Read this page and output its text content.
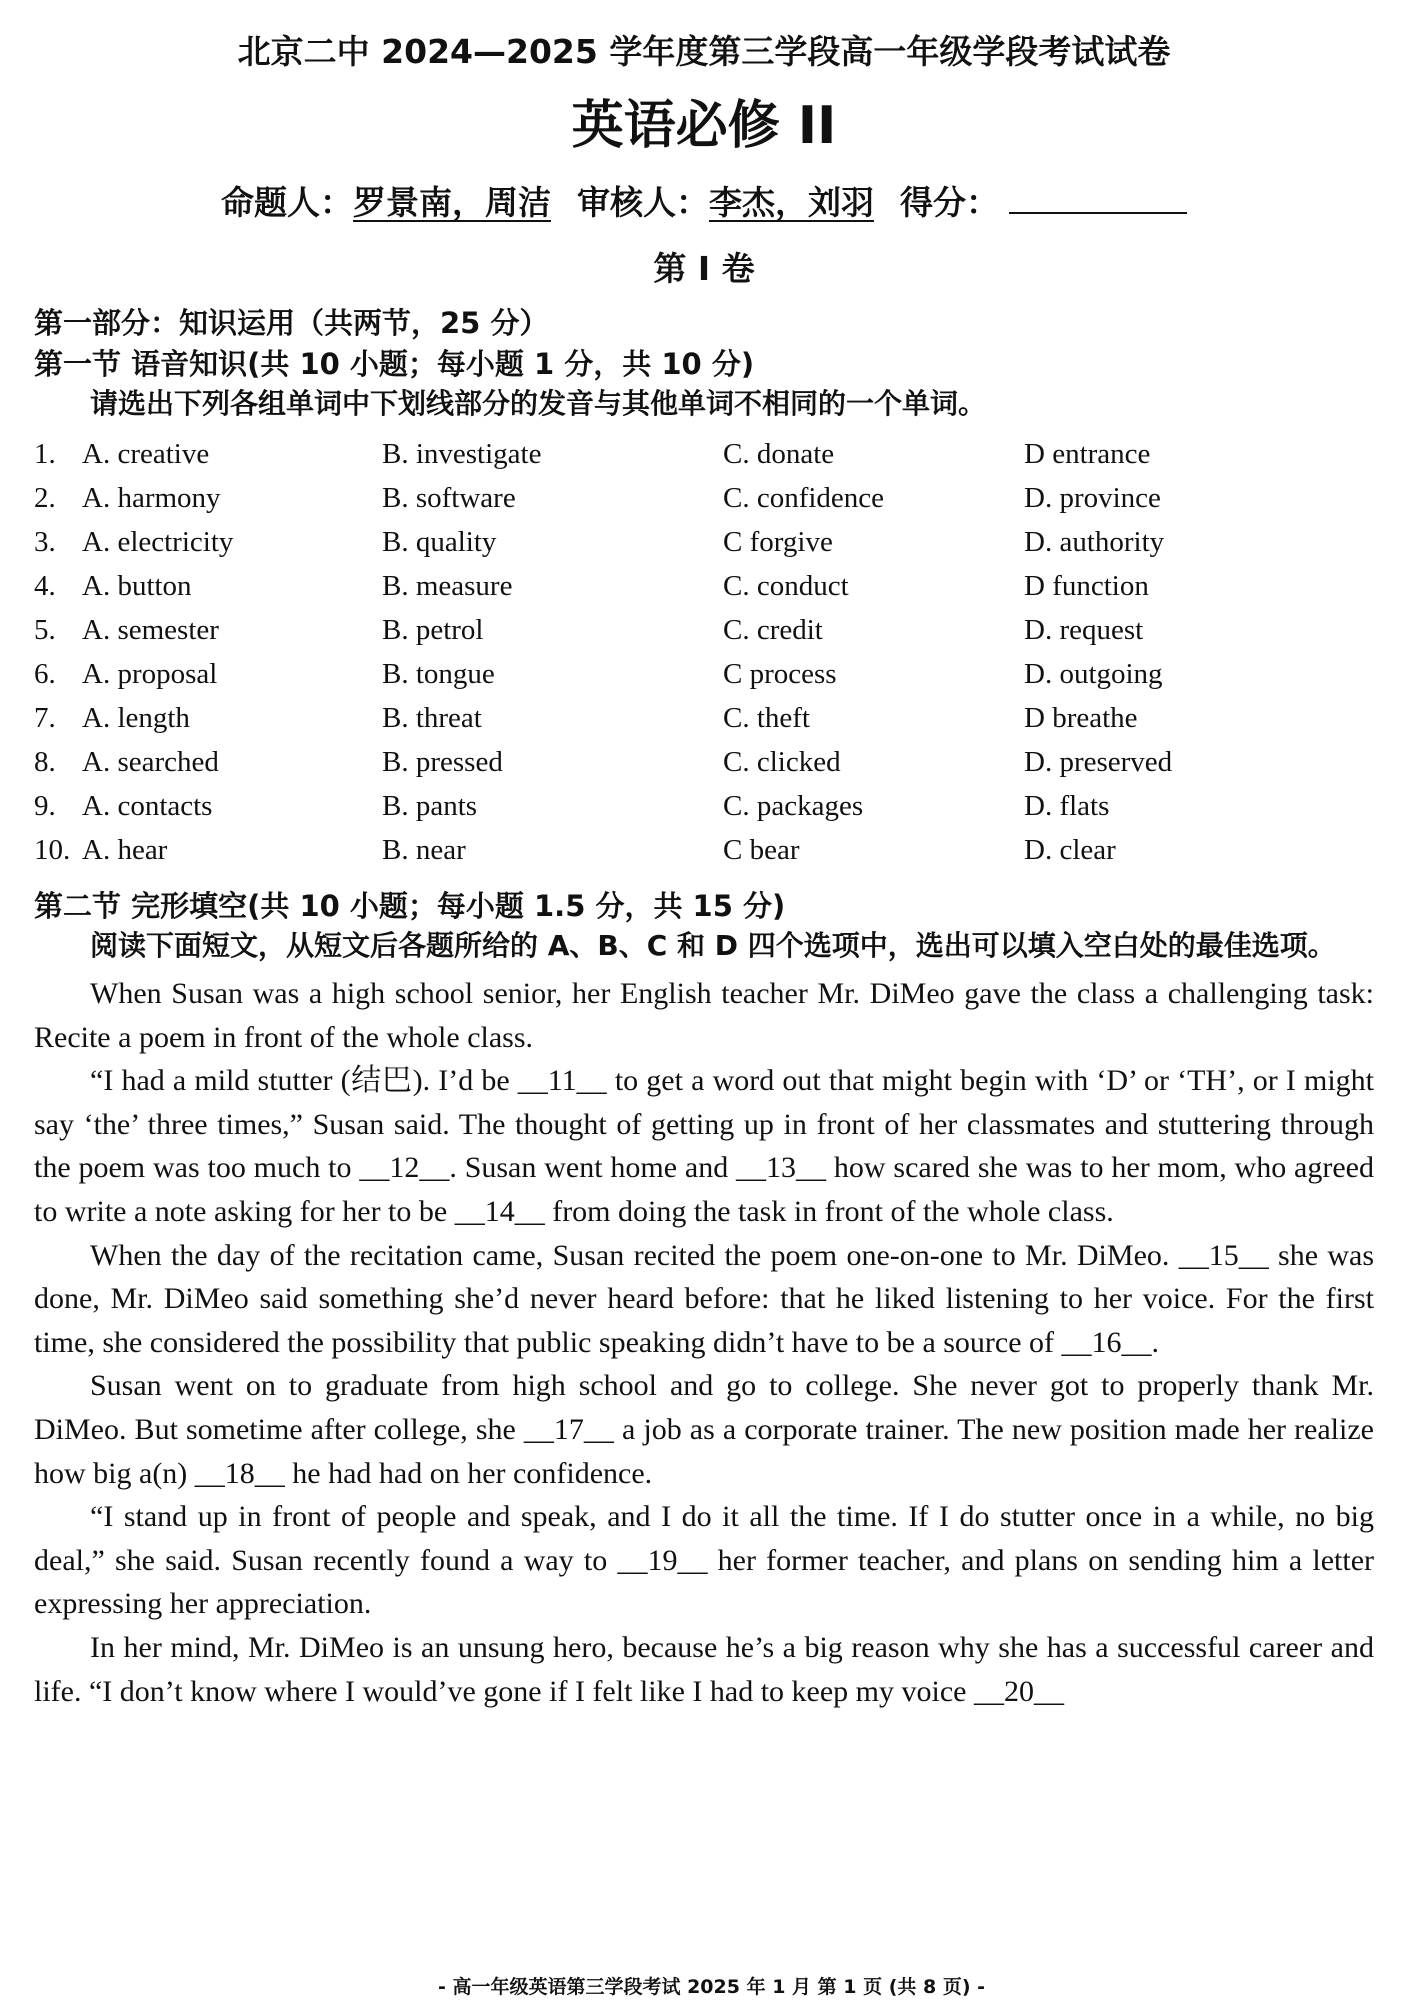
北京二中 2024—2025 学年度第三学段高一年级学段考试试卷
英语必修 II
命题人：罗景南，周洁 审核人：李杰，刘羽 得分：
第 I 卷
第一部分：知识运用（共两节，25 分）
第一节 语音知识(共 10 小题；每小题 1 分，共 10 分)
请选出下列各组单词中下划线部分的发音与其他单词不相同的一个单词。
1. A. creative	B. investigate	C. donate	D entrance
2. A. harmony	B. software	C. confidence	D. province
3. A. electricity	B. quality	C forgive	D. authority
4. A. button	B. measure	C. conduct	D function
5. A. semester	B. petrol	C. credit	D. request
6. A. proposal	B. tongue	C process	D. outgoing
7. A. length	B. threat	C. theft	D breathe
8. A. searched	B. pressed	C. clicked	D. preserved
9. A. contacts	B. pants	C. packages	D. flats
10. A. hear	B. near	C bear	D. clear
第二节 完形填空(共 10 小题；每小题 1.5 分，共 15 分)
阅读下面短文，从短文后各题所给的 A、B、C 和 D 四个选项中，选出可以填入空白处的最佳选项。

When Susan was a high school senior, her English teacher Mr. DiMeo gave the class a challenging task: Recite a poem in front of the whole class.

“I had a mild stutter (结巴). I’d be __11__ to get a word out that might begin with ‘D’ or ‘TH’, or I might say ‘the’ three times,” Susan said. The thought of getting up in front of her classmates and stuttering through the poem was too much to __12__. Susan went home and __13__ how scared she was to her mom, who agreed to write a note asking for her to be __14__ from doing the task in front of the whole class.

When the day of the recitation came, Susan recited the poem one-on-one to Mr. DiMeo. __15__ she was done, Mr. DiMeo said something she’d never heard before: that he liked listening to her voice. For the first time, she considered the possibility that public speaking didn’t have to be a source of __16__.

Susan went on to graduate from high school and go to college. She never got to properly thank Mr. DiMeo. But sometime after college, she __17__ a job as a corporate trainer. The new position made her realize how big a(n) __18__ he had had on her confidence.

“I stand up in front of people and speak, and I do it all the time. If I do stutter once in a while, no big deal,” she said. Susan recently found a way to __19__ her former teacher, and plans on sending him a letter expressing her appreciation.

In her mind, Mr. DiMeo is an unsung hero, because he’s a big reason why she has a successful career and life. “I don’t know where I would’ve gone if I felt like I had to keep my voice __20__

- 高一年级英语第三学段考试 2025 年 1 月 第 1 页 (共 8 页) -
